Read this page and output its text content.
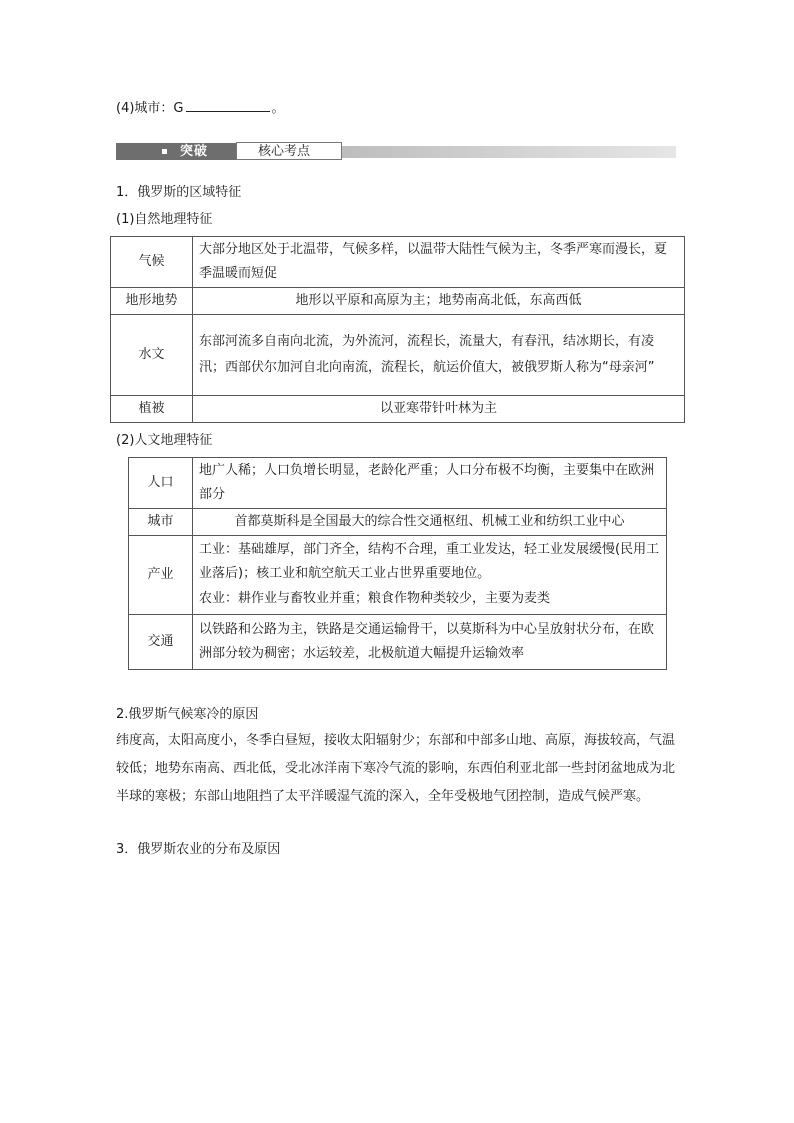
(4)城市：G	。
突破	核心考点
1．俄罗斯的区域特征
(1)自然地理特征
气候	大部分地区处于北温带，气候多样，以温带大陆性气候为主，冬季严寒而漫长，夏季温暖而短促
地形地势	地形以平原和高原为主；地势南高北低，东高西低
水文	东部河流多自南向北流，为外流河，流程长，流量大，有春汛，结冰期长，有凌汛；西部伏尔加河自北向南流，流程长，航运价值大，被俄罗斯人称为“母亲河”
植被	以亚寒带针叶林为主
(2)人文地理特征
人口	地广人稀；人口负增长明显，老龄化严重；人口分布极不均衡，主要集中在欧洲部分
城市	首都莫斯科是全国最大的综合性交通枢纽、机械工业和纺织工业中心
产业	工业：基础雄厚，部门齐全，结构不合理，重工业发达，轻工业发展缓慢(民用工业落后)；核工业和航空航天工业占世界重要地位。
农业：耕作业与畜牧业并重；粮食作物种类较少，主要为麦类

交通	以铁路和公路为主，铁路是交通运输骨干，以莫斯科为中心呈放射状分布，在欧洲部分较为稠密；水运较差，北极航道大幅提升运输效率
2.俄罗斯气候寒冷的原因
纬度高，太阳高度小，冬季白昼短，接收太阳辐射少；东部和中部多山地、高原，海拔较高，气温较低；地势东南高、西北低，受北冰洋南下寒冷气流的影响，东西伯利亚北部一些封闭盆地成为北半球的寒极；东部山地阻挡了太平洋暖湿气流的深入，全年受极地气团控制，造成气候严寒。
3．俄罗斯农业的分布及原因
